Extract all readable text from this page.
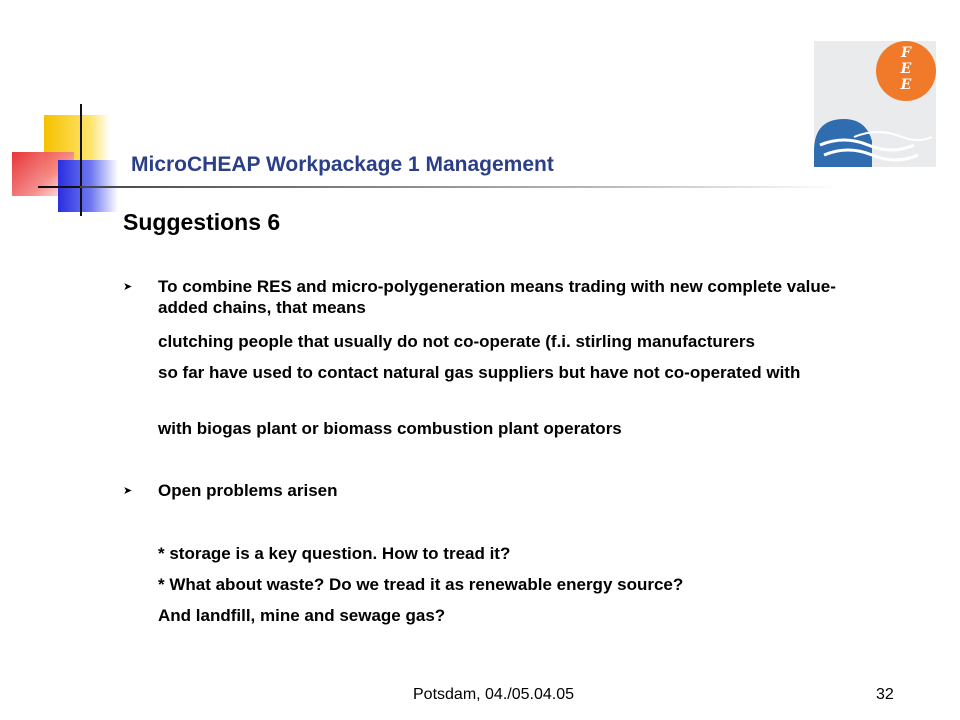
F
E
E
MicroCHEAP Workpackage 1 Management
Suggestions 6
➤ To combine RES and micro-polygeneration means trading with new complete value-added chains, that means
clutching people that usually do not co-operate (f.i. stirling manufacturers
so far have used to contact natural gas suppliers but have not co-operated with
with biogas plant or biomass combustion plant operators
➤ Open problems arisen
* storage is a key question. How to tread it?
* What about waste? Do we tread it as renewable energy source?
And landfill, mine and sewage gas?
Potsdam, 04./05.04.05	32
